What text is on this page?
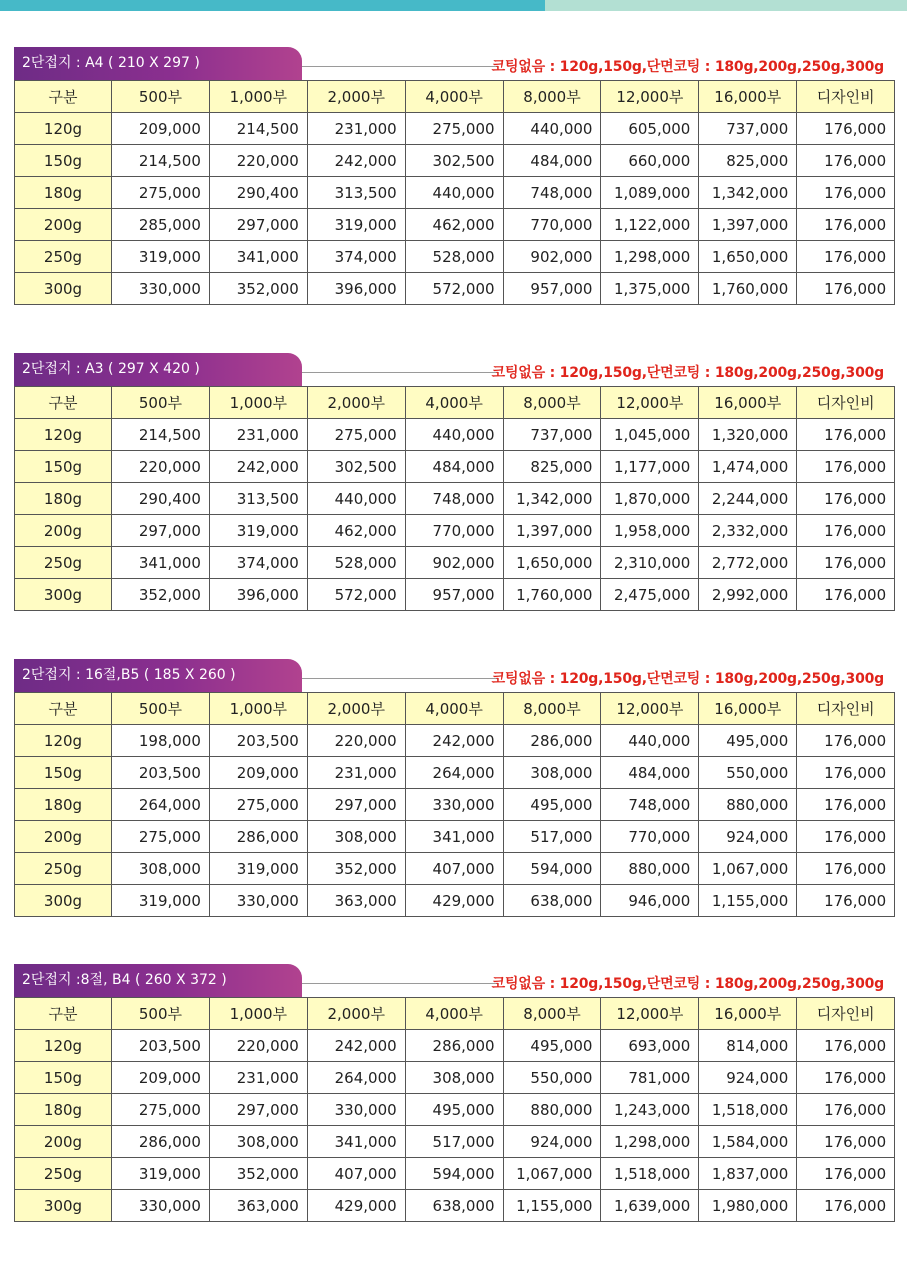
2단접지 : A4 ( 210 X 297 )	코팅없음 : 120g,150g,단면코팅 : 180g,200g,250g,300g
구분	500부	1,000부	2,000부	4,000부	8,000부	12,000부	16,000부	디자인비
120g	209,000	214,500	231,000	275,000	440,000	605,000	737,000	176,000
150g	214,500	220,000	242,000	302,500	484,000	660,000	825,000	176,000
180g	275,000	290,400	313,500	440,000	748,000	1,089,000	1,342,000	176,000
200g	285,000	297,000	319,000	462,000	770,000	1,122,000	1,397,000	176,000
250g	319,000	341,000	374,000	528,000	902,000	1,298,000	1,650,000	176,000
300g	330,000	352,000	396,000	572,000	957,000	1,375,000	1,760,000	176,000
2단접지 : A3 ( 297 X 420 )	코팅없음 : 120g,150g,단면코팅 : 180g,200g,250g,300g
구분	500부	1,000부	2,000부	4,000부	8,000부	12,000부	16,000부	디자인비
120g	214,500	231,000	275,000	440,000	737,000	1,045,000	1,320,000	176,000
150g	220,000	242,000	302,500	484,000	825,000	1,177,000	1,474,000	176,000
180g	290,400	313,500	440,000	748,000	1,342,000	1,870,000	2,244,000	176,000
200g	297,000	319,000	462,000	770,000	1,397,000	1,958,000	2,332,000	176,000
250g	341,000	374,000	528,000	902,000	1,650,000	2,310,000	2,772,000	176,000
300g	352,000	396,000	572,000	957,000	1,760,000	2,475,000	2,992,000	176,000
2단접지 : 16절,B5 ( 185 X 260 )	코팅없음 : 120g,150g,단면코팅 : 180g,200g,250g,300g
구분	500부	1,000부	2,000부	4,000부	8,000부	12,000부	16,000부	디자인비
120g	198,000	203,500	220,000	242,000	286,000	440,000	495,000	176,000
150g	203,500	209,000	231,000	264,000	308,000	484,000	550,000	176,000
180g	264,000	275,000	297,000	330,000	495,000	748,000	880,000	176,000
200g	275,000	286,000	308,000	341,000	517,000	770,000	924,000	176,000
250g	308,000	319,000	352,000	407,000	594,000	880,000	1,067,000	176,000
300g	319,000	330,000	363,000	429,000	638,000	946,000	1,155,000	176,000
2단접지 :8절, B4 ( 260 X 372 )	코팅없음 : 120g,150g,단면코팅 : 180g,200g,250g,300g
구분	500부	1,000부	2,000부	4,000부	8,000부	12,000부	16,000부	디자인비
120g	203,500	220,000	242,000	286,000	495,000	693,000	814,000	176,000
150g	209,000	231,000	264,000	308,000	550,000	781,000	924,000	176,000
180g	275,000	297,000	330,000	495,000	880,000	1,243,000	1,518,000	176,000
200g	286,000	308,000	341,000	517,000	924,000	1,298,000	1,584,000	176,000
250g	319,000	352,000	407,000	594,000	1,067,000	1,518,000	1,837,000	176,000
300g	330,000	363,000	429,000	638,000	1,155,000	1,639,000	1,980,000	176,000
